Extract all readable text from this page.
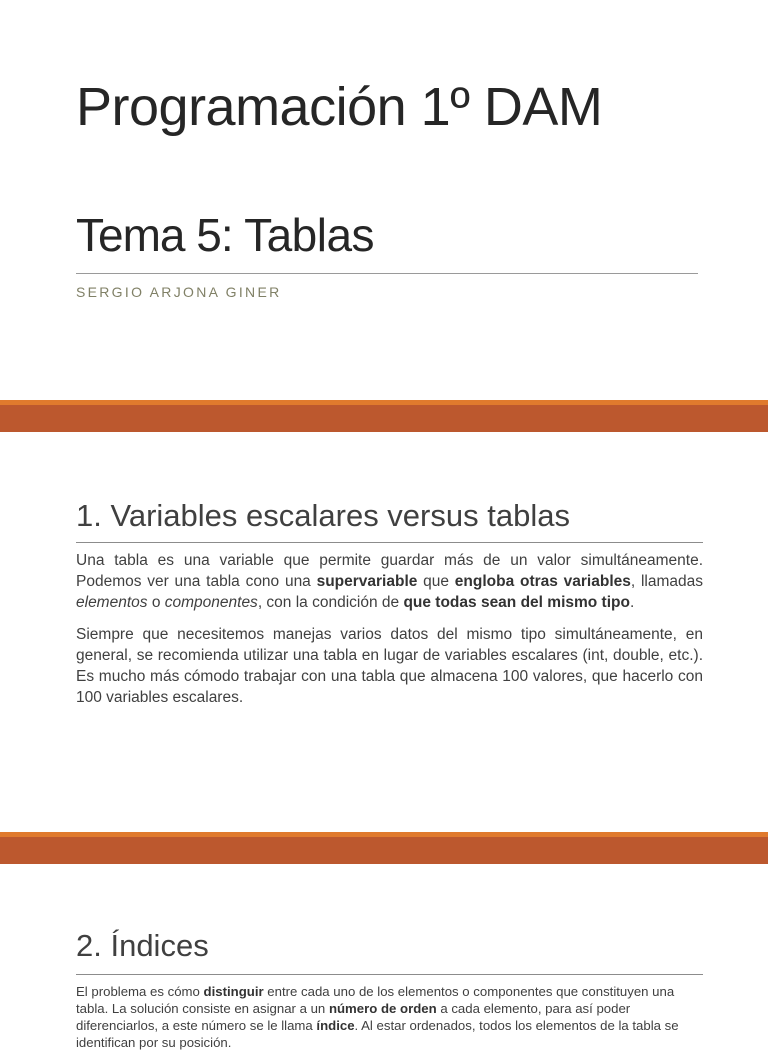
Programación 1º DAM
Tema 5: Tablas
SERGIO ARJONA GINER
1. Variables escalares versus tablas

Una tabla es una variable que permite guardar más de un valor simultáneamente. Podemos ver una tabla cono una supervariable que engloba otras variables, llamadas elementos o componentes, con la condición de que todas sean del mismo tipo.

Siempre que necesitemos manejas varios datos del mismo tipo simultáneamente, en general, se recomienda utilizar una tabla en lugar de variables escalares (int, double, etc.). Es mucho más cómodo trabajar con una tabla que almacena 100 valores, que hacerlo con 100 variables escalares.

2. Índices

El problema es cómo distinguir entre cada uno de los elementos o componentes que constituyen una tabla. La solución consiste en asignar a un número de orden a cada elemento, para así poder diferenciarlos, a este número se le llama índice. Al estar ordenados, todos los elementos de la tabla se identifican por su posición.
